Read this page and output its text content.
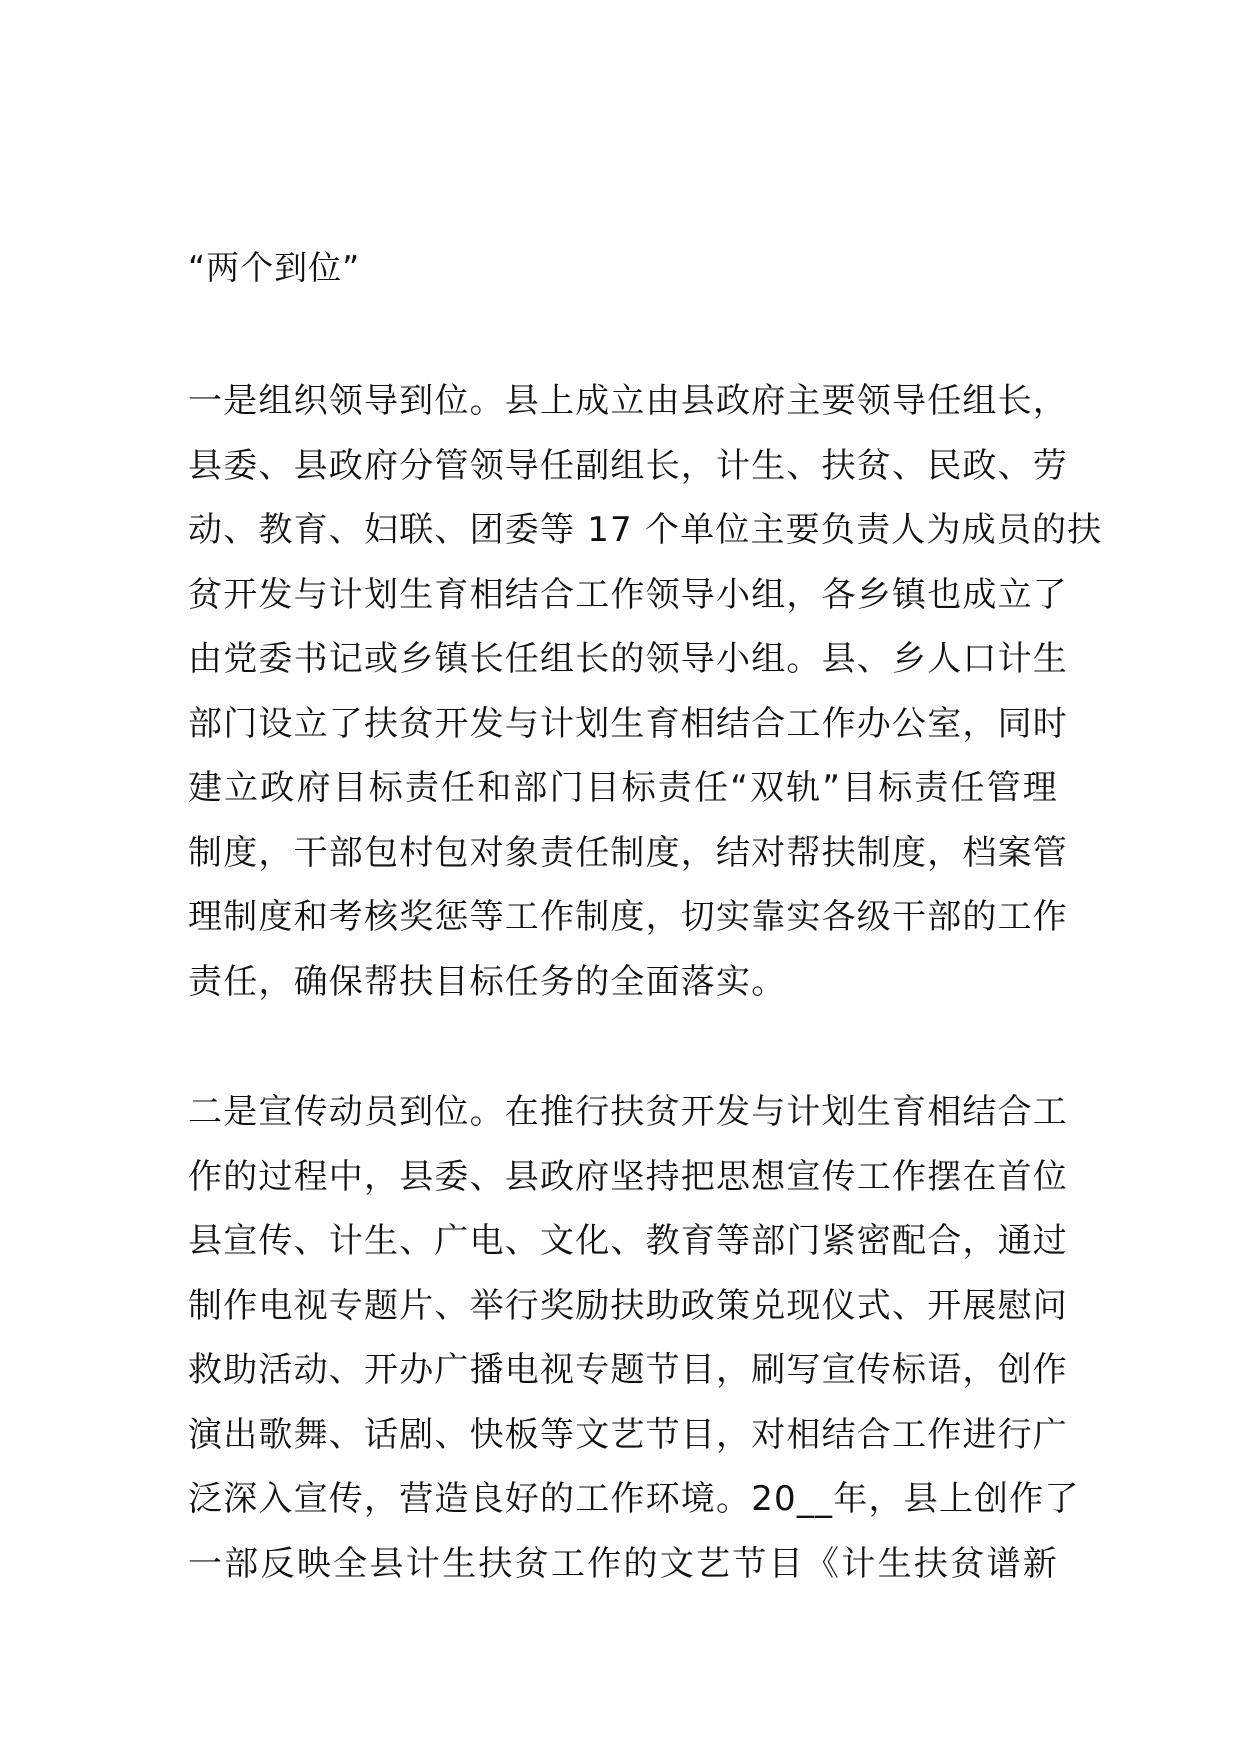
“两个到位”

一是组织领导到位。县上成立由县政府主要领导任组长，
县委、县政府分管领导任副组长，计生、扶贫、民政、劳
动、教育、妇联、团委等 17 个单位主要负责人为成员的扶
贫开发与计划生育相结合工作领导小组，各乡镇也成立了
由党委书记或乡镇长任组长的领导小组。县、乡人口计生
部门设立了扶贫开发与计划生育相结合工作办公室，同时
建立政府目标责任和部门目标责任“双轨”目标责任管理
制度，干部包村包对象责任制度，结对帮扶制度，档案管
理制度和考核奖惩等工作制度，切实靠实各级干部的工作
责任，确保帮扶目标任务的全面落实。

二是宣传动员到位。在推行扶贫开发与计划生育相结合工
作的过程中，县委、县政府坚持把思想宣传工作摆在首位
县宣传、计生、广电、文化、教育等部门紧密配合，通过
制作电视专题片、举行奖励扶助政策兑现仪式、开展慰问
救助活动、开办广播电视专题节目，刷写宣传标语，创作
演出歌舞、话剧、快板等文艺节目，对相结合工作进行广
泛深入宣传，营造良好的工作环境。20__年，县上创作了
一部反映全县计生扶贫工作的文艺节目《计生扶贫谱新
